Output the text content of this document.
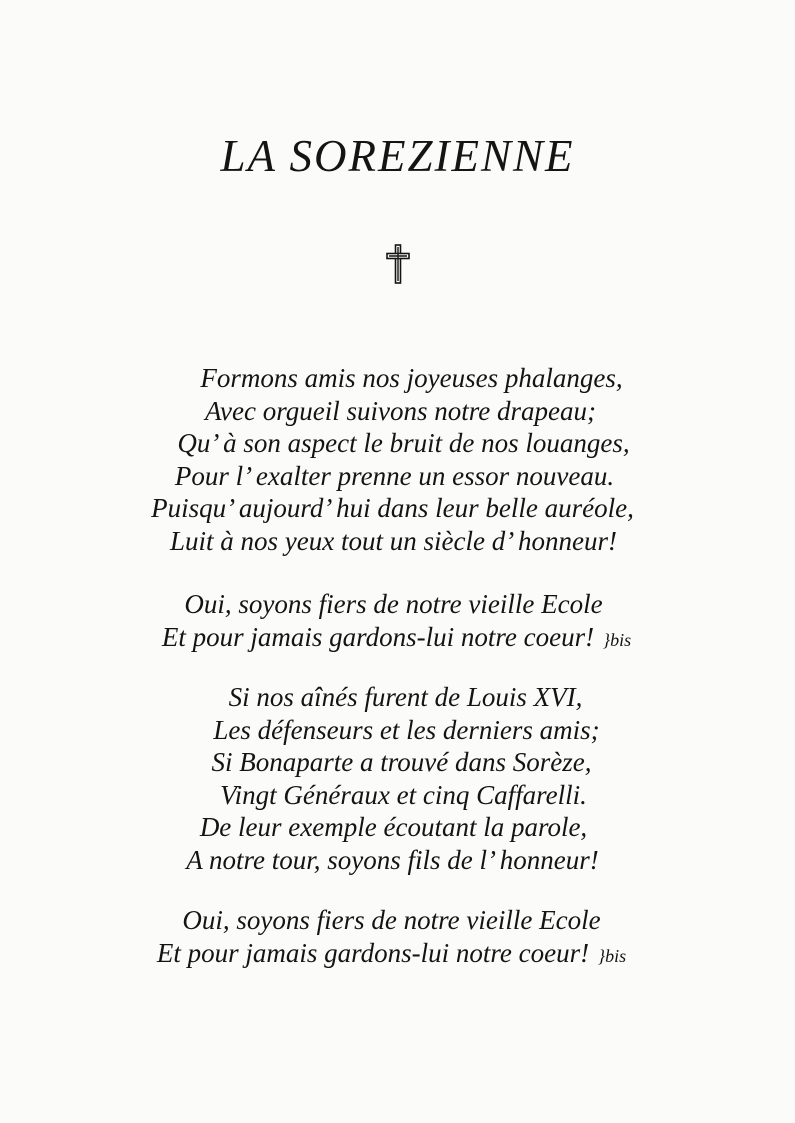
LA SOREZIENNE
Formons amis nos joyeuses phalanges,
Avec orgueil suivons notre drapeau;
Qu’ à son aspect le bruit de nos louanges,
Pour l’ exalter prenne un essor nouveau.
Puisqu’ aujourd’ hui dans leur belle auréole,
Luit à nos yeux tout un siècle d’ honneur!
Oui, soyons fiers de notre vieille Ecole
Et pour jamais gardons-lui notre coeur! }bis
Si nos aînés furent de Louis XVI,
Les défenseurs et les derniers amis;
Si Bonaparte a trouvé dans Sorèze,
Vingt Généraux et cinq Caffarelli.
De leur exemple écoutant la parole,
A notre tour, soyons fils de l’ honneur!
Oui, soyons fiers de notre vieille Ecole
Et pour jamais gardons-lui notre coeur! }bis
